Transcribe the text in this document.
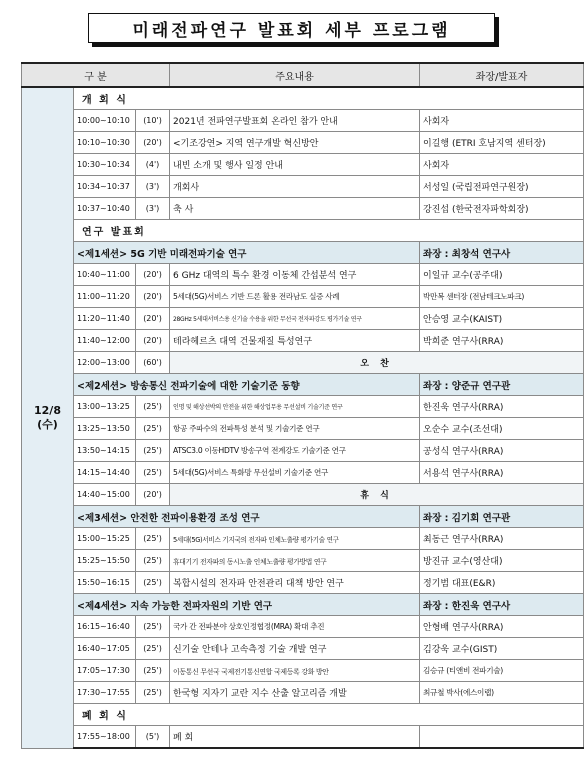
미래전파연구 발표회 세부 프로그램
구 분			주요내용	좌장/발표자

12/8
(수)	개 회 식			
	10:00~10:10	(10')	2021년 전파연구발표회 온라인 참가 안내	사회자
	10:10~10:30	(20')	<기조강연> 지역 연구개발 혁신방안	이길행 (ETRI 호남지역 센터장)
	10:30~10:34	(4')	내빈 소개 및 행사 일정 안내	사회자
	10:34~10:37	(3')	개회사	서성일 (국립전파연구원장)
	10:37~10:40	(3')	축 사	강진섭 (한국전자파학회장)
	연구 발표회			
	<제1세션> 5G 기반 미래전파기술 연구			좌장 : 최창석 연구사
	10:40~11:00	(20')	6 GHz 대역의 특수 환경 이동체 간섭분석 연구	이일규 교수(공주대)
	11:00~11:20	(20')	5세대(5G)서비스 기반 드론 활용 전라남도 실증 사례	박만복 센터장 (전남테크노파크)
	11:20~11:40	(20')	28GHz 5세대서비스용 신기술 수용을 위한 무선국 전자파강도 평가기술 연구	안승영 교수(KAIST)
	11:40~12:00	(20')	테라헤르츠 대역 건물재질 특성연구	박희준 연구사(RRA)
	12:00~13:00	(60')	오 찬	
	<제2세션> 방송통신 전파기술에 대한 기술기준 동향			좌장 : 양준규 연구관
	13:00~13:25	(25')	인명 및 해상선박의 안전을 위한 해상업무용 무선설비 기술기준 연구	한진욱 연구사(RRA)
	13:25~13:50	(25')	항공 주파수의 전파특성 분석 및 기술기준 연구	오순수 교수(조선대)
	13:50~14:15	(25')	ATSC3.0 이동HDTV 방송구역 전계강도 기술기준 연구	공성식 연구사(RRA)
	14:15~14:40	(25')	5세대(5G)서비스 특화망 무선설비 기술기준 연구	서용석 연구사(RRA)
	14:40~15:00	(20')	휴 식	
	<제3세션> 안전한 전파이용환경 조성 연구			좌장 : 김기회 연구관
	15:00~15:25	(25')	5세대(5G)서비스 기지국의 전자파 인체노출량 평가기술 연구	최동근 연구사(RRA)
	15:25~15:50	(25')	휴대기기 전자파의 동시노출 인체노출량 평가방법 연구	방진규 교수(영산대)
	15:50~16:15	(25')	복합시설의 전자파 안전관리 대책 방안 연구	정기범 대표(E&R)
	<제4세션> 지속 가능한 전파자원의 기반 연구			좌장 : 한진욱 연구사
	16:15~16:40	(25')	국가 간 전파분야 상호인정협정(MRA) 확대 추진	안형배 연구사(RRA)
	16:40~17:05	(25')	신기술 안테나 고속측정 기술 개발 연구	김강욱 교수(GIST)
	17:05~17:30	(25')	이동통신 무선국 국제전기통신연합 국제등록 강화 방안	김승규 (티앤비 전파기술)
	17:30~17:55	(25')	한국형 지자기 교란 지수 산출 알고리즘 개발	최규철 박사(에스이랩)
	폐 회 식			
	17:55~18:00	(5')	폐 회	
